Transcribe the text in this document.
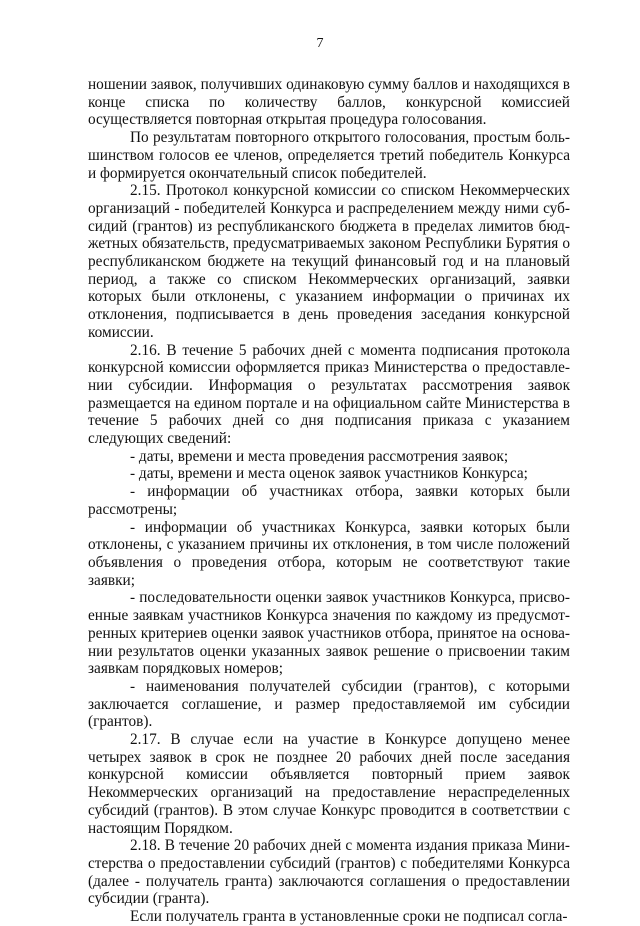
7

ношении заявок, получивших одинаковую сумму баллов и находящихся в конце списка по количеству баллов, конкурсной комиссией осуществляется повторная открытая процедура голосования.

По результатам повторного открытого голосования, простым большинством голосов ее членов, определяется третий победитель Конкурса и формируется окончательный список победителей.

2.15. Протокол конкурсной комиссии со списком Некоммерческих организаций - победителей Конкурса и распределением между ними субсидий (грантов) из республиканского бюджета в пределах лимитов бюджетных обязательств, предусматриваемых законом Республики Бурятия о республиканском бюджете на текущий финансовый год и на плановый период, а также со списком Некоммерческих организаций, заявки которых были отклонены, с указанием информации о причинах их отклонения, подписывается в день проведения заседания конкурсной комиссии.

2.16. В течение 5 рабочих дней с момента подписания протокола конкурсной комиссии оформляется приказ Министерства о предоставлении субсидии. Информация о результатах рассмотрения заявок размещается на едином портале и на официальном сайте Министерства в течение 5 рабочих дней со дня подписания приказа с указанием следующих сведений:

- даты, времени и места проведения рассмотрения заявок;

- даты, времени и места оценок заявок участников Конкурса;

- информации об участниках отбора, заявки которых были рассмотрены;

- информации об участниках Конкурса, заявки которых были отклонены, с указанием причины их отклонения, в том числе положений объявления о проведения отбора, которым не соответствуют такие заявки;

- последовательности оценки заявок участников Конкурса, присвоенные заявкам участников Конкурса значения по каждому из предусмотренных критериев оценки заявок участников отбора, принятое на основании результатов оценки указанных заявок решение о присвоении таким заявкам порядковых номеров;

- наименования получателей субсидии (грантов), с которыми заключается соглашение, и размер предоставляемой им субсидии (грантов).

2.17. В случае если на участие в Конкурсе допущено менее четырех заявок в срок не позднее 20 рабочих дней после заседания конкурсной комиссии объявляется повторный прием заявок Некоммерческих организаций на предоставление нераспределенных субсидий (грантов). В этом случае Конкурс проводится в соответствии с настоящим Порядком.

2.18. В течение 20 рабочих дней с момента издания приказа Министерства о предоставлении субсидий (грантов) с победителями Конкурса (далее - получатель гранта) заключаются соглашения о предоставлении субсидии (гранта).

Если получатель гранта в установленные сроки не подписал согла-
